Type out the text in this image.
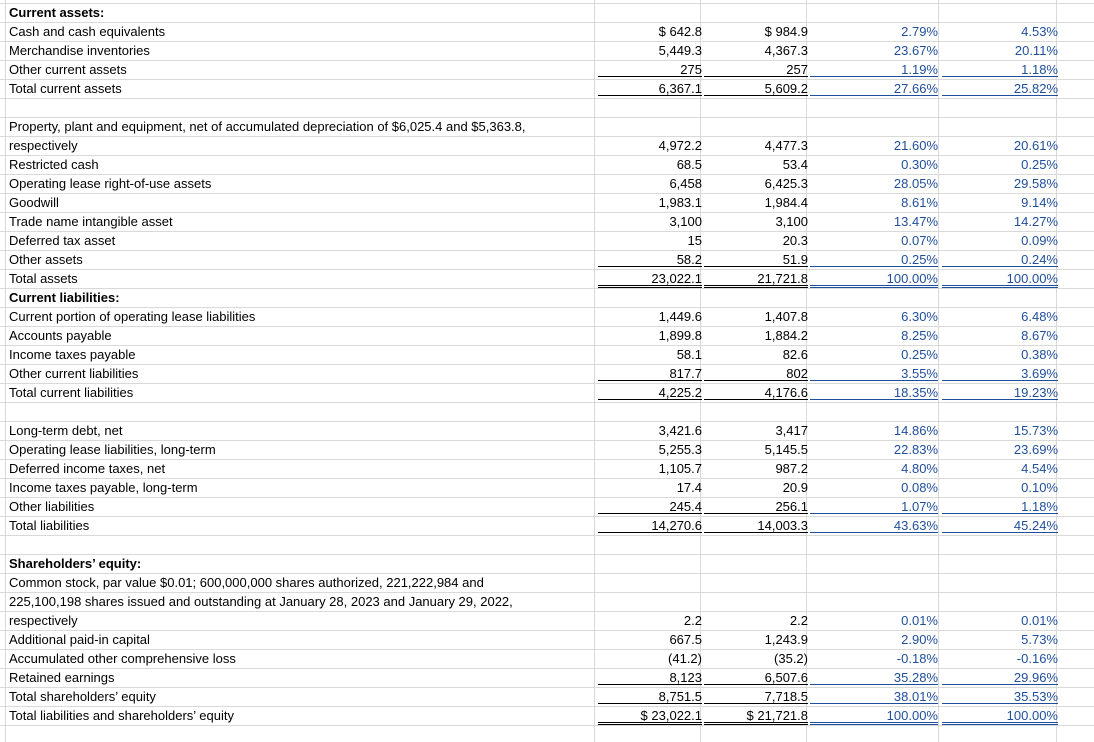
Current assets:
Cash and cash equivalents	$ 642.8	$ 984.9	2.79%	4.53%
Merchandise inventories	5,449.3	4,367.3	23.67%	20.11%
Other current assets	275	257	1.19%	1.18%
Total current assets	6,367.1	5,609.2	27.66%	25.82%
Property, plant and equipment, net of accumulated depreciation of $6,025.4 and $5,363.8,
respectively	4,972.2	4,477.3	21.60%	20.61%
Restricted cash	68.5	53.4	0.30%	0.25%
Operating lease right-of-use assets	6,458	6,425.3	28.05%	29.58%
Goodwill	1,983.1	1,984.4	8.61%	9.14%
Trade name intangible asset	3,100	3,100	13.47%	14.27%
Deferred tax asset	15	20.3	0.07%	0.09%
Other assets	58.2	51.9	0.25%	0.24%
Total assets	23,022.1	21,721.8	100.00%	100.00%
Current liabilities:
Current portion of operating lease liabilities	1,449.6	1,407.8	6.30%	6.48%
Accounts payable	1,899.8	1,884.2	8.25%	8.67%
Income taxes payable	58.1	82.6	0.25%	0.38%
Other current liabilities	817.7	802	3.55%	3.69%
Total current liabilities	4,225.2	4,176.6	18.35%	19.23%
Long-term debt, net	3,421.6	3,417	14.86%	15.73%
Operating lease liabilities, long-term	5,255.3	5,145.5	22.83%	23.69%
Deferred income taxes, net	1,105.7	987.2	4.80%	4.54%
Income taxes payable, long-term	17.4	20.9	0.08%	0.10%
Other liabilities	245.4	256.1	1.07%	1.18%
Total liabilities	14,270.6	14,003.3	43.63%	45.24%
Shareholders’ equity:
Common stock, par value $0.01; 600,000,000 shares authorized, 221,222,984 and
225,100,198 shares issued and outstanding at January 28, 2023 and January 29, 2022,
respectively	2.2	2.2	0.01%	0.01%
Additional paid-in capital	667.5	1,243.9	2.90%	5.73%
Accumulated other comprehensive loss	(41.2)	(35.2)	-0.18%	-0.16%
Retained earnings	8,123	6,507.6	35.28%	29.96%
Total shareholders’ equity	8,751.5	7,718.5	38.01%	35.53%
Total liabilities and shareholders’ equity	$ 23,022.1	$ 21,721.8	100.00%	100.00%
